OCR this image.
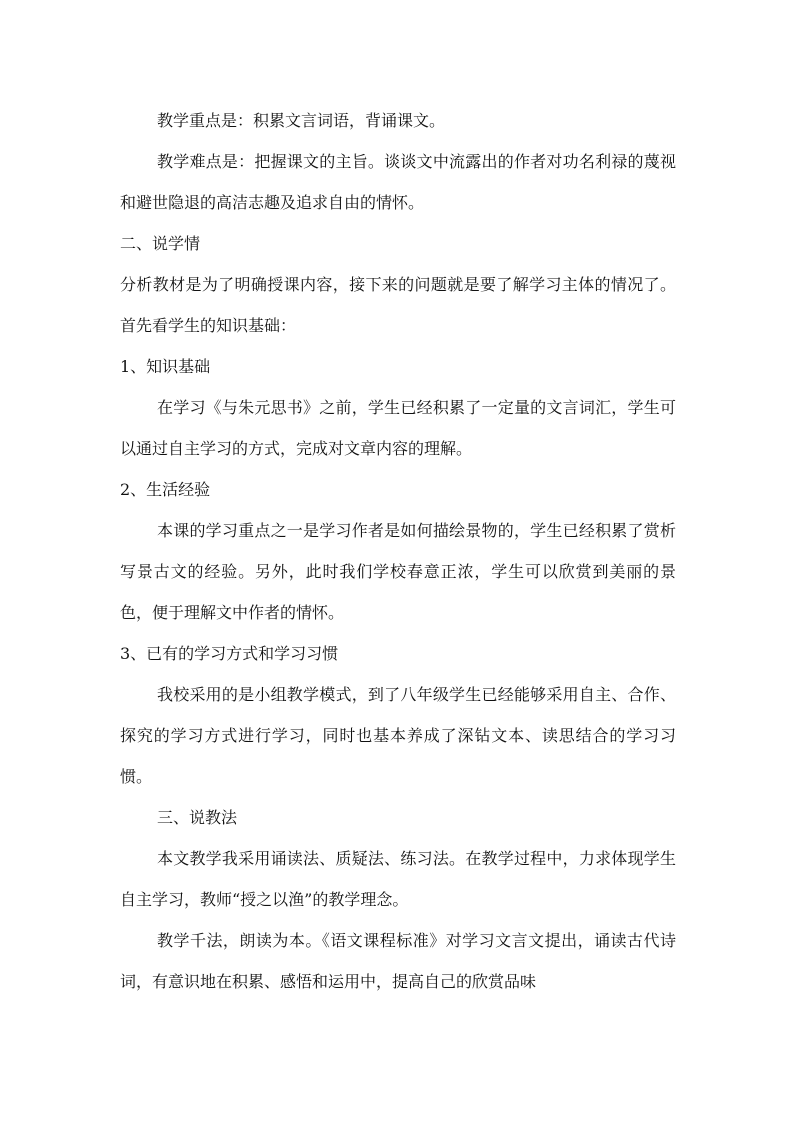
教学重点是：积累文言词语，背诵课文。

教学难点是：把握课文的主旨。谈谈文中流露出的作者对功名利禄的蔑视和避世隐退的高洁志趣及追求自由的情怀。

二、说学情

分析教材是为了明确授课内容，接下来的问题就是要了解学习主体的情况了。首先看学生的知识基础：

1、知识基础

在学习《与朱元思书》之前，学生已经积累了一定量的文言词汇，学生可以通过自主学习的方式，完成对文章内容的理解。

2、生活经验

本课的学习重点之一是学习作者是如何描绘景物的，学生已经积累了赏析写景古文的经验。另外，此时我们学校春意正浓，学生可以欣赏到美丽的景色，便于理解文中作者的情怀。

3、已有的学习方式和学习习惯

我校采用的是小组教学模式，到了八年级学生已经能够采用自主、合作、探究的学习方式进行学习，同时也基本养成了深钻文本、读思结合的学习习惯。

三、说教法

本文教学我采用诵读法、质疑法、练习法。在教学过程中，力求体现学生自主学习，教师“授之以渔”的教学理念。

教学千法，朗读为本。《语文课程标准》对学习文言文提出，诵读古代诗词，有意识地在积累、感悟和运用中，提高自己的欣赏品味
